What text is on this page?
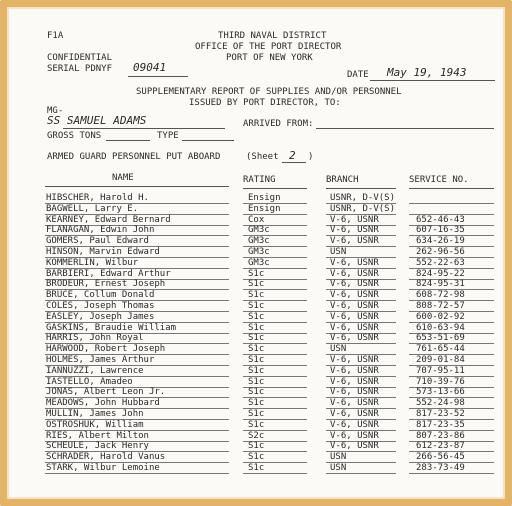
F1A	THIRD NAVAL DISTRICT
OFFICE OF THE PORT DIRECTOR
PORT OF NEW YORK
CONFIDENTIAL
SERIAL PDNYF 09041
DATE May 19, 1943
SUPPLEMENTARY REPORT OF SUPPLIES AND/OR PERSONNEL
ISSUED BY PORT DIRECTOR, TO:
MG-
SS SAMUEL ADAMS	ARRIVED FROM:
GROSS TONS	TYPE
ARMED GUARD PERSONNEL PUT ABOARD	(Sheet 2 )
NAME	RATING	BRANCH	SERVICE NO.
HIBSCHER, Harold H.	Ensign	USNR, D-V(S)
BAGWELL, Larry E.	Ensign	USNR, D-V(S)
KEARNEY, Edward Bernard	Cox	V-6, USNR	652-46-43
FLANAGAN, Edwin John	GM3c	V-6, USNR	607-16-35
GOMERS, Paul Edward	GM3c	V-6, USNR	634-26-19
HINSON, Marvin Edward	GM3c	USN	262-96-56
KOMMERLIN, Wilbur	GM3c	V-6, USNR	552-22-63
BARBIERI, Edward Arthur	S1c	V-6, USNR	824-95-22
BRODEUR, Ernest Joseph	S1c	V-6, USNR	824-95-31
BRUCE, Collum Donald	S1c	V-6, USNR	608-72-98
COLES, Joseph Thomas	S1c	V-6, USNR	808-72-57
EASLEY, Joseph James	S1c	V-6, USNR	600-02-92
GASKINS, Braudie William	S1c	V-6, USNR	610-63-94
HARRIS, John Royal	S1c	V-6, USNR	653-51-69
HARWOOD, Robert Joseph	S1c	USN	761-65-44
HOLMES, James Arthur	S1c	V-6, USNR	209-01-84
IANNUZZI, Lawrence	S1c	V-6, USNR	707-95-11
IASTELLO, Amadeo	S1c	V-6, USNR	710-39-76
JONAS, Albert Leon Jr.	S1c	V-6, USNR	573-13-66
MEADOWS, John Hubbard	S1c	V-6, USNR	552-24-98
MULLIN, James John	S1c	V-6, USNR	817-23-52
OSTROSHUK, William	S1c	V-6, USNR	817-23-35
RIES, Albert Milton	S2c	V-6, USNR	807-23-86
SCHEULE, Jack Henry	S1c	V-6, USNR	612-23-87
SCHRADER, Harold Vanus	S1c	USN	266-56-45
STARK, Wilbur Lemoine	S1c	USN	283-73-49
